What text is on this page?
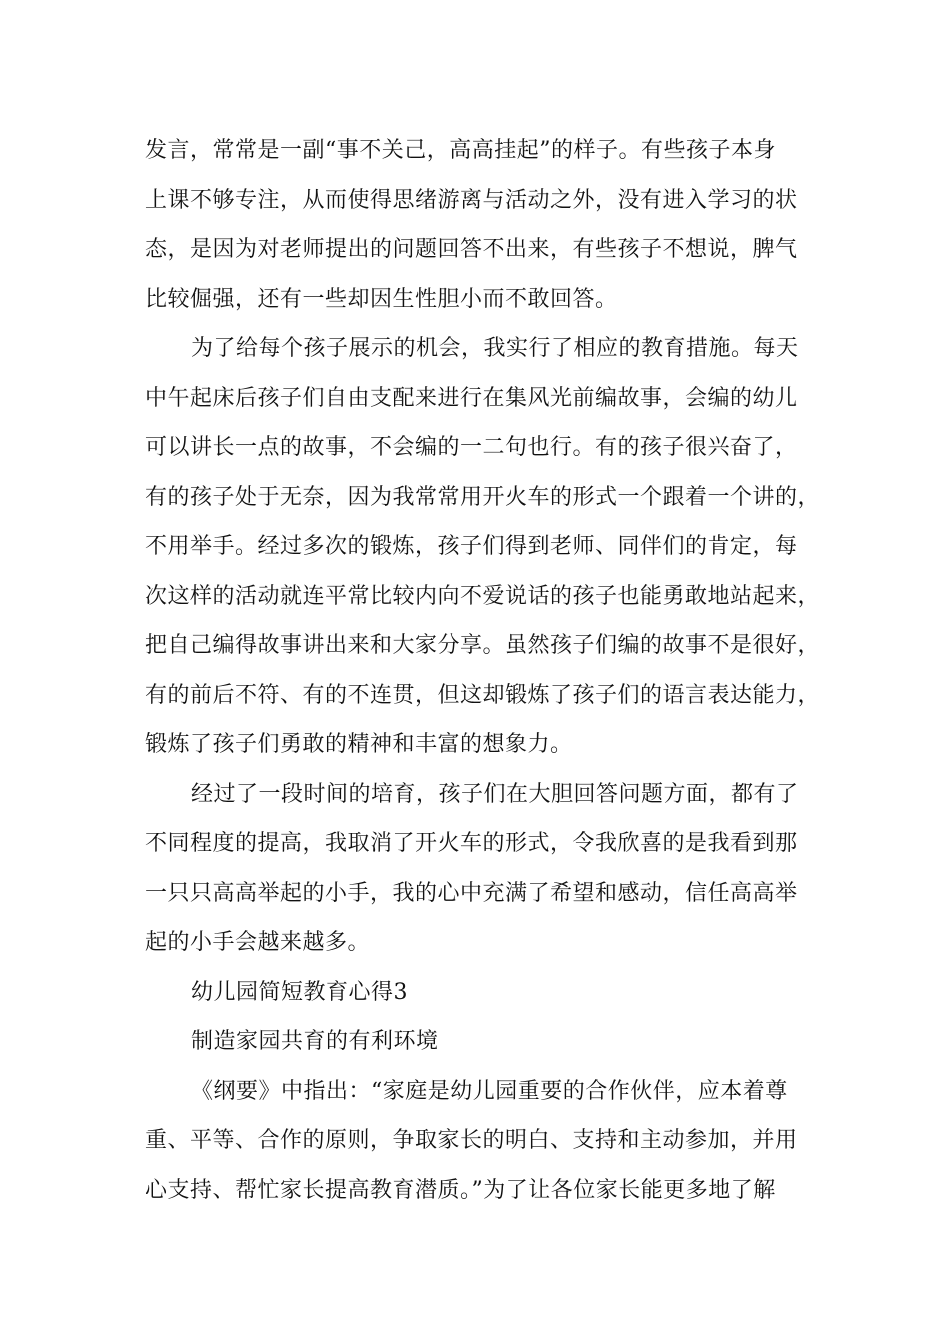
发言，常常是一副“事不关己，高高挂起”的样子。有些孩子本身
上课不够专注，从而使得思绪游离与活动之外，没有进入学习的状
态，是因为对老师提出的问题回答不出来，有些孩子不想说，脾气
比较倔强，还有一些却因生性胆小而不敢回答。
为了给每个孩子展示的机会，我实行了相应的教育措施。每天
中午起床后孩子们自由支配来进行在集风光前编故事，会编的幼儿
可以讲长一点的故事，不会编的一二句也行。有的孩子很兴奋了，
有的孩子处于无奈，因为我常常用开火车的形式一个跟着一个讲的，
不用举手。经过多次的锻炼，孩子们得到老师、同伴们的肯定，每
次这样的活动就连平常比较内向不爱说话的孩子也能勇敢地站起来，
把自己编得故事讲出来和大家分享。虽然孩子们编的故事不是很好，
有的前后不符、有的不连贯，但这却锻炼了孩子们的语言表达能力，
锻炼了孩子们勇敢的精神和丰富的想象力。
经过了一段时间的培育，孩子们在大胆回答问题方面，都有了
不同程度的提高，我取消了开火车的形式，令我欣喜的是我看到那
一只只高高举起的小手，我的心中充满了希望和感动，信任高高举
起的小手会越来越多。
幼儿园简短教育心得3
制造家园共育的有利环境
《纲要》中指出：“家庭是幼儿园重要的合作伙伴，应本着尊
重、平等、合作的原则，争取家长的明白、支持和主动参加，并用
心支持、帮忙家长提高教育潜质。”为了让各位家长能更多地了解
